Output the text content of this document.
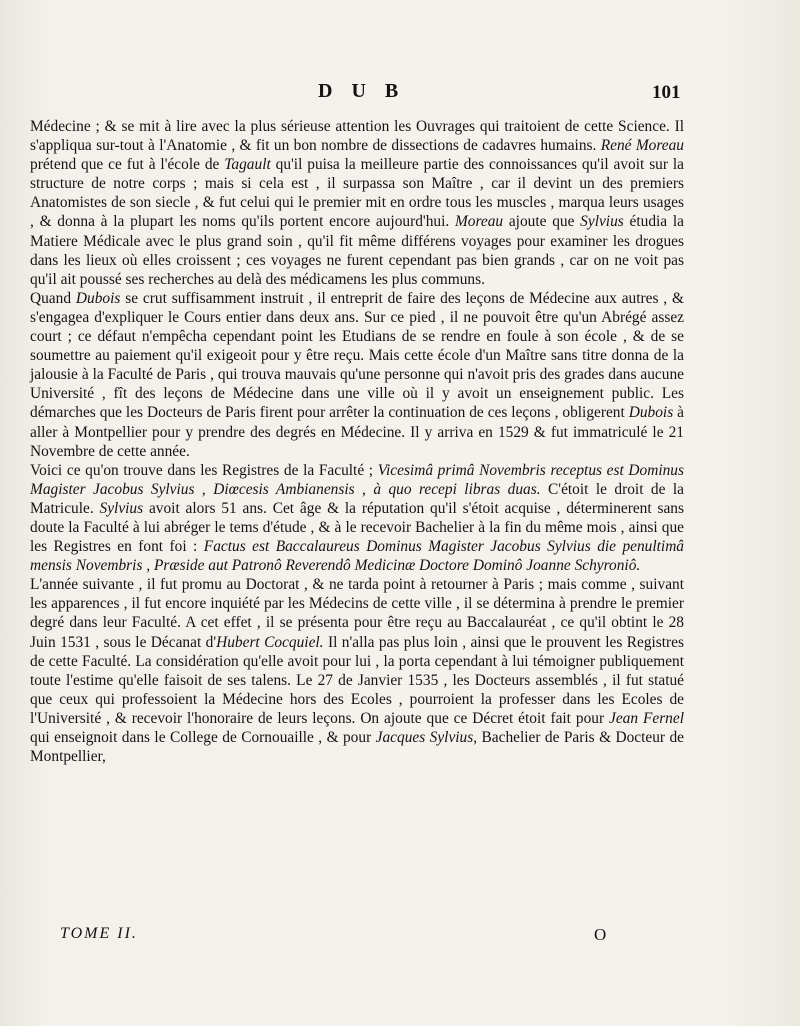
D U B	101

Médecine ; & se mit à lire avec la plus sérieuse attention les Ouvrages qui traitoient de cette Science. Il s'appliqua sur-tout à l'Anatomie , & fit un bon nombre de dissections de cadavres humains. René Moreau prétend que ce fut à l'école de Tagault qu'il puisa la meilleure partie des connoissances qu'il avoit sur la structure de notre corps ; mais si cela est , il surpassa son Maître , car il devint un des premiers Anatomistes de son siecle , & fut celui qui le premier mit en ordre tous les muscles , marqua leurs usages , & donna à la plupart les noms qu'ils portent encore aujourd'hui. Moreau ajoute que Sylvius étudia la Matiere Médicale avec le plus grand soin , qu'il fit même différens voyages pour examiner les drogues dans les lieux où elles croissent ; ces voyages ne furent cependant pas bien grands , car on ne voit pas qu'il ait poussé ses recherches au delà des médicamens les plus communs.

Quand Dubois se crut suffisamment instruit , il entreprit de faire des leçons de Médecine aux autres , & s'engagea d'expliquer le Cours entier dans deux ans. Sur ce pied , il ne pouvoit être qu'un Abrégé assez court ; ce défaut n'empêcha cependant point les Etudians de se rendre en foule à son école , & de se soumettre au paiement qu'il exigeoit pour y être reçu. Mais cette école d'un Maître sans titre donna de la jalousie à la Faculté de Paris , qui trouva mauvais qu'une personne qui n'avoit pris des grades dans aucune Université , fît des leçons de Médecine dans une ville où il y avoit un enseignement public. Les démarches que les Docteurs de Paris firent pour arrêter la continuation de ces leçons , obligerent Dubois à aller à Montpellier pour y prendre des degrés en Médecine. Il y arriva en 1529 & fut immatriculé le 21 Novembre de cette année.

Voici ce qu'on trouve dans les Registres de la Faculté ; Vicesimâ primâ Novembris receptus est Dominus Magister Jacobus Sylvius , Diœcesis Ambianensis , à quo recepi libras duas. C'étoit le droit de la Matricule. Sylvius avoit alors 51 ans. Cet âge & la réputation qu'il s'étoit acquise , déterminerent sans doute la Faculté à lui abréger le tems d'étude , & à le recevoir Bachelier à la fin du même mois , ainsi que les Registres en font foi : Factus est Baccalaureus Dominus Magister Jacobus Sylvius die penultimâ mensis Novembris , Præside aut Patronô Reverendô Medicinæ Doctore Dominô Joanne Schyroniô.

L'année suivante , il fut promu au Doctorat , & ne tarda point à retourner à Paris ; mais comme , suivant les apparences , il fut encore inquiété par les Médecins de cette ville , il se détermina à prendre le premier degré dans leur Faculté. A cet effet , il se présenta pour être reçu au Baccalauréat , ce qu'il obtint le 28 Juin 1531 , sous le Décanat d'Hubert Cocquiel. Il n'alla pas plus loin , ainsi que le prouvent les Registres de cette Faculté. La considération qu'elle avoit pour lui , la porta cependant à lui témoigner publiquement toute l'estime qu'elle faisoit de ses talens. Le 27 de Janvier 1535 , les Docteurs assemblés , il fut statué que ceux qui professoient la Médecine hors des Ecoles , pourroient la professer dans les Ecoles de l'Université , & recevoir l'honoraire de leurs leçons. On ajoute que ce Décret étoit fait pour Jean Fernel qui enseignoit dans le College de Cornouaille , & pour Jacques Sylvius, Bachelier de Paris & Docteur de Montpellier,

TOME II.	O
